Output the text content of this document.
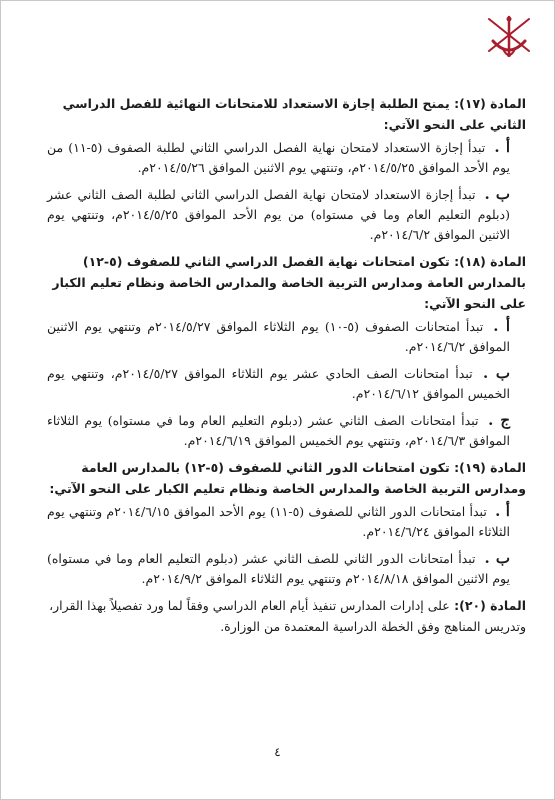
المادة (١٧): يمنح الطلبة إجازة الاستعداد للامتحانات النهائية للفصل الدراسي الثاني على النحو الآتي:
أ . تبدأ إجازة الاستعداد لامتحان نهاية الفصل الدراسي الثاني لطلبة الصفوف (٥-١١) من يوم الأحد الموافق ٢٠١٤/٥/٢٥م، وتنتهي يوم الاثنين الموافق ٢٠١٤/٥/٢٦م.
ب . تبدأ إجازة الاستعداد لامتحان نهاية الفصل الدراسي الثاني لطلبة الصف الثاني عشر (دبلوم التعليم العام وما في مستواه) من يوم الأحد الموافق ٢٠١٤/٥/٢٥م، وتنتهي يوم الاثنين الموافق ٢٠١٤/٦/٢م.
المادة (١٨): تكون امتحانات نهاية الفصل الدراسي الثاني للصفوف (٥-١٢) بالمدارس العامة ومدارس التربية الخاصة والمدارس الخاصة ونظام تعليم الكبار على النحو الآتي:
أ . تبدأ امتحانات الصفوف (٥-١٠) يوم الثلاثاء الموافق ٢٠١٤/٥/٢٧م وتنتهي يوم الاثنين الموافق ٢٠١٤/٦/٢م.
ب . تبدأ امتحانات الصف الحادي عشر يوم الثلاثاء الموافق ٢٠١٤/٥/٢٧م، وتنتهي يوم الخميس الموافق ٢٠١٤/٦/١٢م.
ج . تبدأ امتحانات الصف الثاني عشر (دبلوم التعليم العام وما في مستواه) يوم الثلاثاء الموافق ٢٠١٤/٦/٣م، وتنتهي يوم الخميس الموافق ٢٠١٤/٦/١٩م.
المادة (١٩): تكون امتحانات الدور الثاني للصفوف (٥-١٢) بالمدارس العامة ومدارس التربية الخاصة والمدارس الخاصة ونظام تعليم الكبار على النحو الآتي:
أ . تبدأ امتحانات الدور الثاني للصفوف (٥-١١) يوم الأحد الموافق ٢٠١٤/٦/١٥م وتنتهي يوم الثلاثاء الموافق ٢٠١٤/٦/٢٤م.
ب . تبدأ امتحانات الدور الثاني للصف الثاني عشر (دبلوم التعليم العام وما في مستواه) يوم الاثنين الموافق ٢٠١٤/٨/١٨م وتنتهي يوم الثلاثاء الموافق ٢٠١٤/٩/٢م.
المادة (٢٠): على إدارات المدارس تنفيذ أيام العام الدراسي وفقاً لما ورد تفصيلاً بهذا القرار، وتدريس المناهج وفق الخطة الدراسية المعتمدة من الوزارة.
٤
